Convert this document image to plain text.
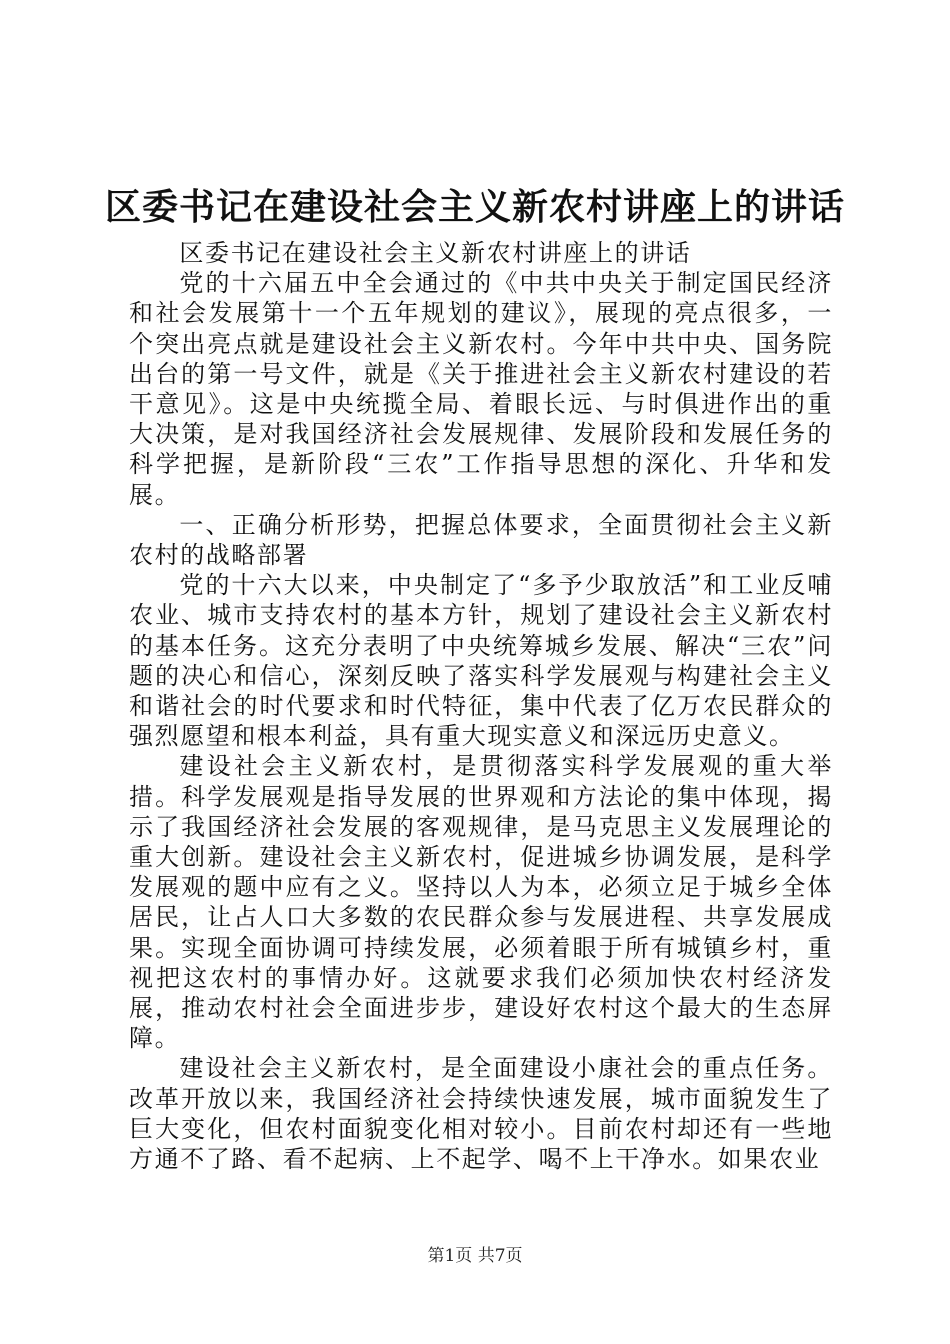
区委书记在建设社会主义新农村讲座上的讲话

区委书记在建设社会主义新农村讲座上的讲话

党的十六届五中全会通过的《中共中央关于制定国民经济和社会发展第十一个五年规划的建议》，展现的亮点很多，一个突出亮点就是建设社会主义新农村。今年中共中央、国务院出台的第一号文件，就是《关于推进社会主义新农村建设的若干意见》。这是中央统揽全局、着眼长远、与时俱进作出的重大决策，是对我国经济社会发展规律、发展阶段和发展任务的科学把握，是新阶段“三农”工作指导思想的深化、升华和发展。

一、正确分析形势，把握总体要求，全面贯彻社会主义新农村的战略部署

党的十六大以来，中央制定了“多予少取放活”和工业反哺农业、城市支持农村的基本方针，规划了建设社会主义新农村的基本任务。这充分表明了中央统筹城乡发展、解决“三农”问题的决心和信心，深刻反映了落实科学发展观与构建社会主义和谐社会的时代要求和时代特征，集中代表了亿万农民群众的强烈愿望和根本利益，具有重大现实意义和深远历史意义。

建设社会主义新农村，是贯彻落实科学发展观的重大举措。科学发展观是指导发展的世界观和方法论的集中体现，揭示了我国经济社会发展的客观规律，是马克思主义发展理论的重大创新。建设社会主义新农村，促进城乡协调发展，是科学发展观的题中应有之义。坚持以人为本，必须立足于城乡全体居民，让占人口大多数的农民群众参与发展进程、共享发展成果。实现全面协调可持续发展，必须着眼于所有城镇乡村，重视把这农村的事情办好。这就要求我们必须加快农村经济发展，推动农村社会全面进步步，建设好农村这个最大的生态屏障。

建设社会主义新农村，是全面建设小康社会的重点任务。改革开放以来，我国经济社会持续快速发展，城市面貌发生了巨大变化，但农村面貌变化相对较小。目前农村却还有一些地方通不了路、看不起病、上不起学、喝不上干净水。如果农业

第1页 共7页
